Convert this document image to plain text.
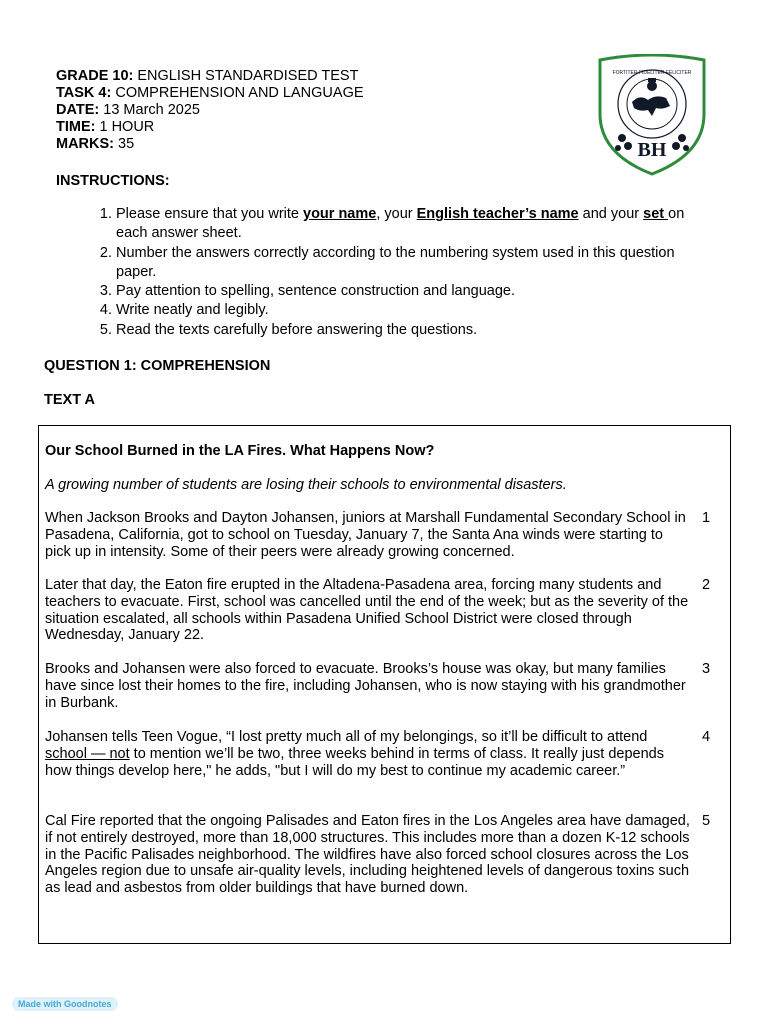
GRADE 10: ENGLISH STANDARDISED TEST
TASK 4: COMPREHENSION AND LANGUAGE
DATE: 13 March 2025
TIME: 1 HOUR
MARKS: 35	BH
FORTITER FIDELITER FELICITER
INSTRUCTIONS:
1. Please ensure that you write your name, your English teacher’s name and your set on each answer sheet.
2. Number the answers correctly according to the numbering system used in this question paper.
3. Pay attention to spelling, sentence construction and language.
4. Write neatly and legibly.
5. Read the texts carefully before answering the questions.
QUESTION 1: COMPREHENSION
TEXT A
Our School Burned in the LA Fires. What Happens Now?
A growing number of students are losing their schools to environmental disasters.
When Jackson Brooks and Dayton Johansen, juniors at Marshall Fundamental Secondary School in Pasadena, California, got to school on Tuesday, January 7, the Santa Ana winds were starting to pick up in intensity. Some of their peers were already growing concerned.
1
Later that day, the Eaton fire erupted in the Altadena-Pasadena area, forcing many students and teachers to evacuate. First, school was cancelled until the end of the week; but as the severity of the situation escalated, all schools within Pasadena Unified School District were closed through Wednesday, January 22.
2
Brooks and Johansen were also forced to evacuate. Brooks’s house was okay, but many families have since lost their homes to the fire, including Johansen, who is now staying with his grandmother in Burbank.
3
Johansen tells Teen Vogue, “I lost pretty much all of my belongings, so it’ll be difficult to attend school — not to mention we’ll be two, three weeks behind in terms of class. It really just depends how things develop here," he adds, "but I will do my best to continue my academic career.”
4
Cal Fire reported that the ongoing Palisades and Eaton fires in the Los Angeles area have damaged, if not entirely destroyed, more than 18,000 structures. This includes more than a dozen K-12 schools in the Pacific Palisades neighborhood. The wildfires have also forced school closures across the Los Angeles region due to unsafe air-quality levels, including heightened levels of dangerous toxins such as lead and asbestos from older buildings that have burned down.
5
Made with Goodnotes
